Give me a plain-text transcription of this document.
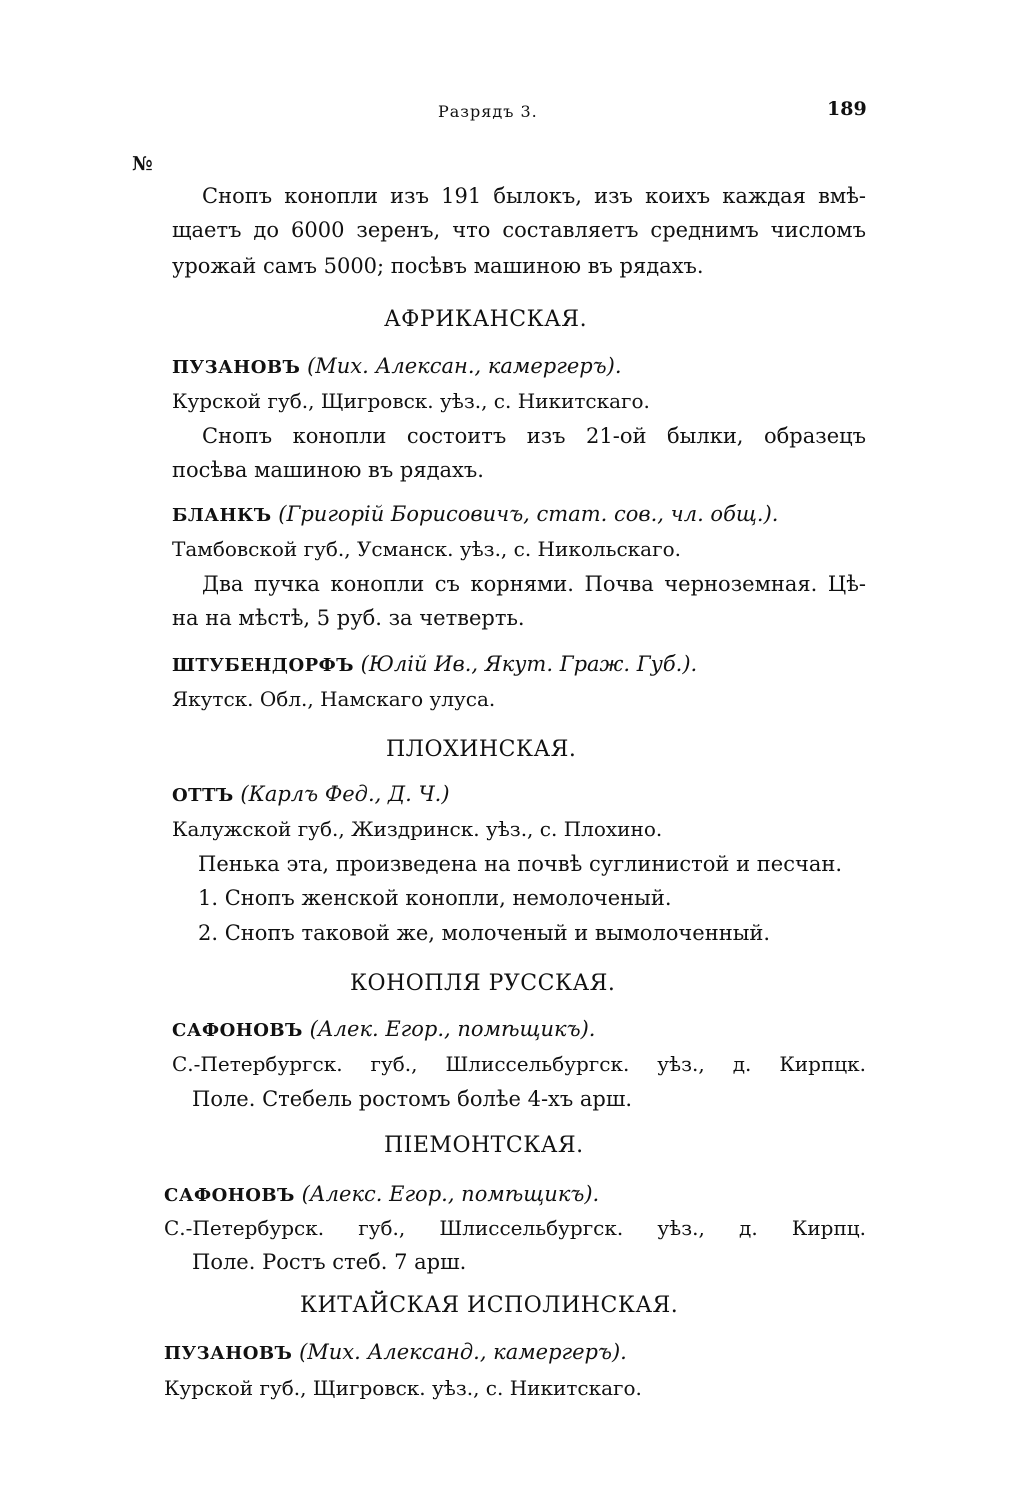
Разрядъ 3.	189
№
Снопъ конопли изъ 191 былокъ, изъ коихъ каждая вмѣ-
щаетъ до 6000 зеренъ, что составляетъ среднимъ числомъ
урожай самъ 5000; посѣвъ машиною въ рядахъ.
АФРИКАНСКАЯ.
ПУЗАНОВЪ (Мих. Алексан., камергеръ).
Курской губ., Щигровск. уѣз., с. Никитскаго.
Снопъ конопли состоитъ изъ 21-ой былки, образецъ
посѣва машиною въ рядахъ.
БЛАНКЪ (Григорій Борисовичъ, стат. сов., чл. общ.).
Тамбовской губ., Усманск. уѣз., с. Никольскаго.
Два пучка конопли съ корнями. Почва черноземная. Цѣ-
на на мѣстѣ, 5 руб. за четверть.
ШТУБЕНДОРФЪ (Юлій Ив., Якут. Граж. Губ.).
Якутск. Обл., Намскаго улуса.
ПЛОХИНСКАЯ.
ОТТЪ (Карлъ Фед., Д. Ч.)
Калужской губ., Жиздринск. уѣз., с. Плохино.
Пенька эта, произведена на почвѣ суглинистой и песчан.
1. Снопъ женской конопли, немолоченый.
2. Снопъ таковой же, молоченый и вымолоченный.
КОНОПЛЯ РУССКАЯ.
САФОНОВЪ (Алек. Егор., помѣщикъ).
С.-Петербургск. губ., Шлиссельбургск. уѣз., д. Кирпцк.
Поле. Стебель ростомъ болѣе 4-хъ арш.
ПІЕМОНТСКАЯ.
САФОНОВЪ (Алекс. Егор., помѣщикъ).
С.-Петербурск. губ., Шлиссельбургск. уѣз., д. Кирпц.
Поле. Ростъ стеб. 7 арш.
КИТАЙСКАЯ ИСПОЛИНСКАЯ.
ПУЗАНОВЪ (Мих. Александ., камергеръ).
Курской губ., Щигровск. уѣз., с. Никитскаго.
